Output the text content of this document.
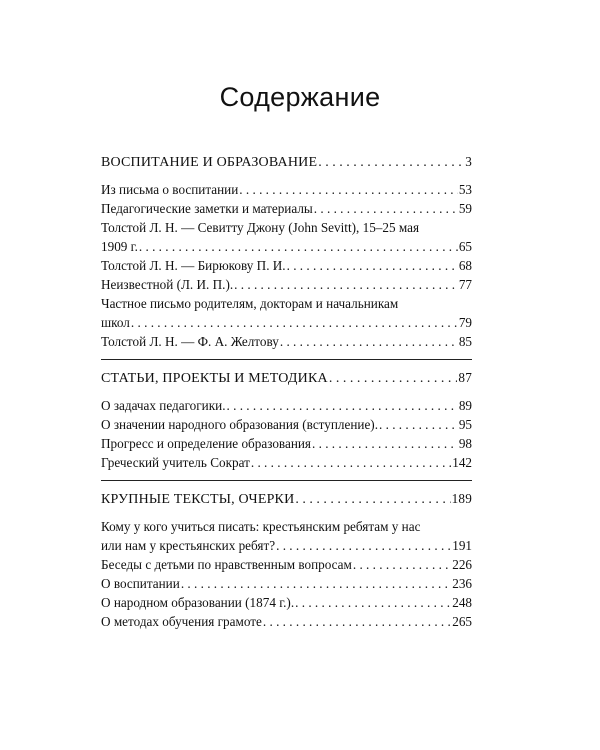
Содержание
ВОСПИТАНИЕ И ОБРАЗОВАНИЕ . . .	3
Из письма о воспитании . . .	53
Педагогические заметки и материалы . . .	59
Толстой Л. Н. — Севитту Джону (John Sevitt), 15–25 мая
1909 г. . . .	65
Толстой Л. Н. — Бирюкову П. И. . . .	68
Неизвестной (Л. И. П.). . . .	77
Частное письмо родителям, докторам и начальникам
школ . . .	79
Толстой Л. Н. — Ф. А. Желтову . . .	85
СТАТЬИ, ПРОЕКТЫ И МЕТОДИКА . . .	87
О задачах педагогики. . . .	89
О значении народного образования (вступление). . . .	95
Прогресс и определение образования . . .	98
Греческий учитель Сократ . . .	142
КРУПНЫЕ ТЕКСТЫ, ОЧЕРКИ . . .	189
Кому у кого учиться писать: крестьянским ребятам у нас
или нам у крестьянских ребят? . . .	191
Беседы с детьми по нравственным вопросам . . .	226
О воспитании . . .	236
О народном образовании (1874 г.). . . .	248
О методах обучения грамоте . . .	265
